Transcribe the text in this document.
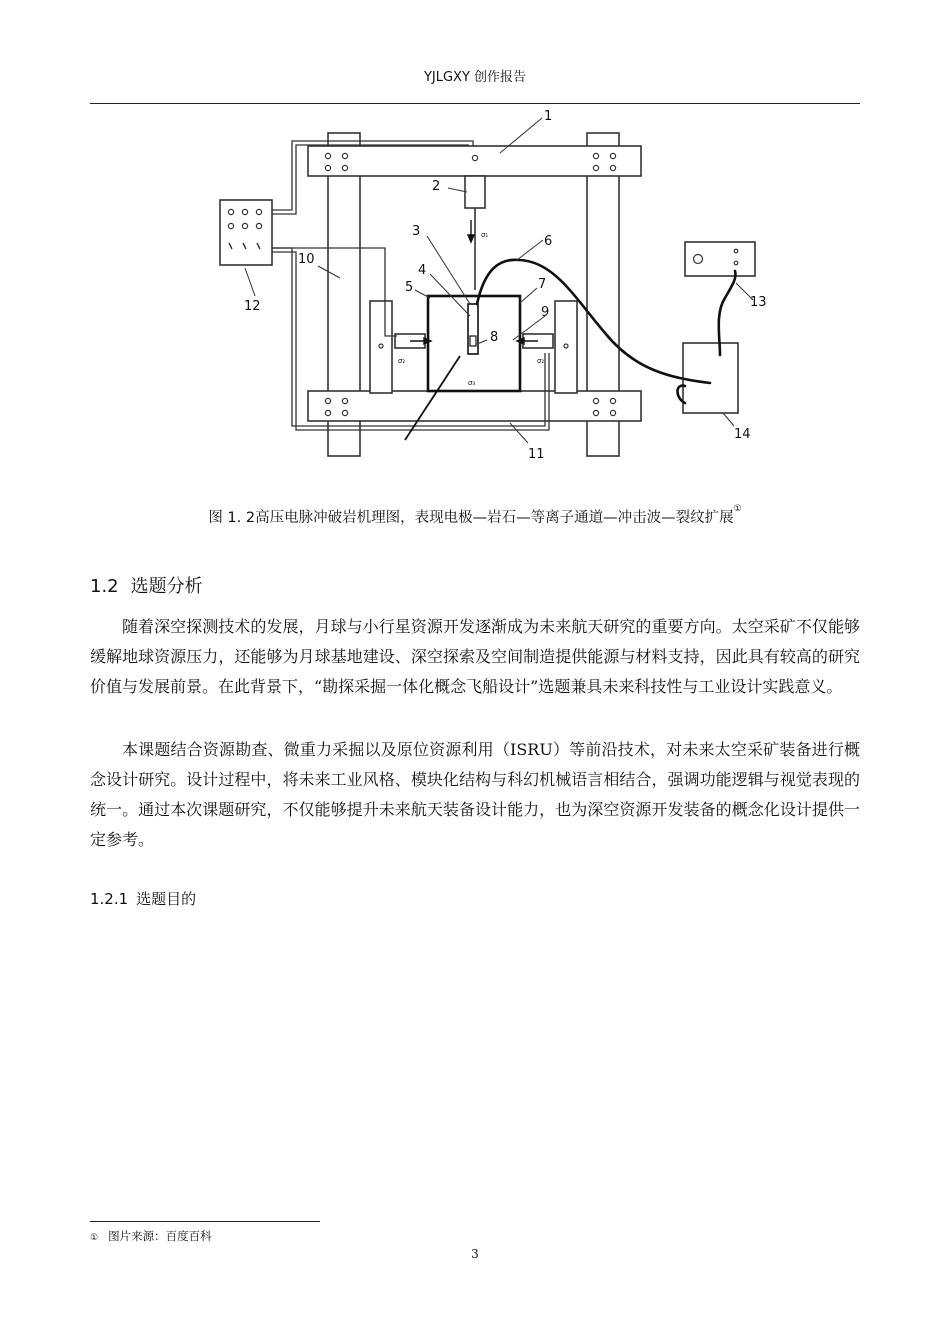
YJLGXY 创作报告
1
2
3
4
5
6
7
8
9
10
11
12	13
14
σ₁
σ₂	σ₂
σ₃
图 1. 2高压电脉冲破岩机理图，表现电极—岩石—等离子通道—冲击波—裂纹扩展①
1.2 选题分析

随着深空探测技术的发展，月球与小行星资源开发逐渐成为未来航天研究的重要方向。太空采矿不仅能够缓解地球资源压力，还能够为月球基地建设、深空探索及空间制造提供能源与材料支持，因此具有较高的研究价值与发展前景。在此背景下，“勘探采掘一体化概念飞船设计”选题兼具未来科技性与工业设计实践意义。

本课题结合资源勘查、微重力采掘以及原位资源利用（ISRU）等前沿技术，对未来太空采矿装备进行概念设计研究。设计过程中，将未来工业风格、模块化结构与科幻机械语言相结合，强调功能逻辑与视觉表现的统一。通过本次课题研究，不仅能够提升未来航天装备设计能力，也为深空资源开发装备的概念化设计提供一定参考。

1.2.1 选题目的
① 图片来源：百度百科
3
